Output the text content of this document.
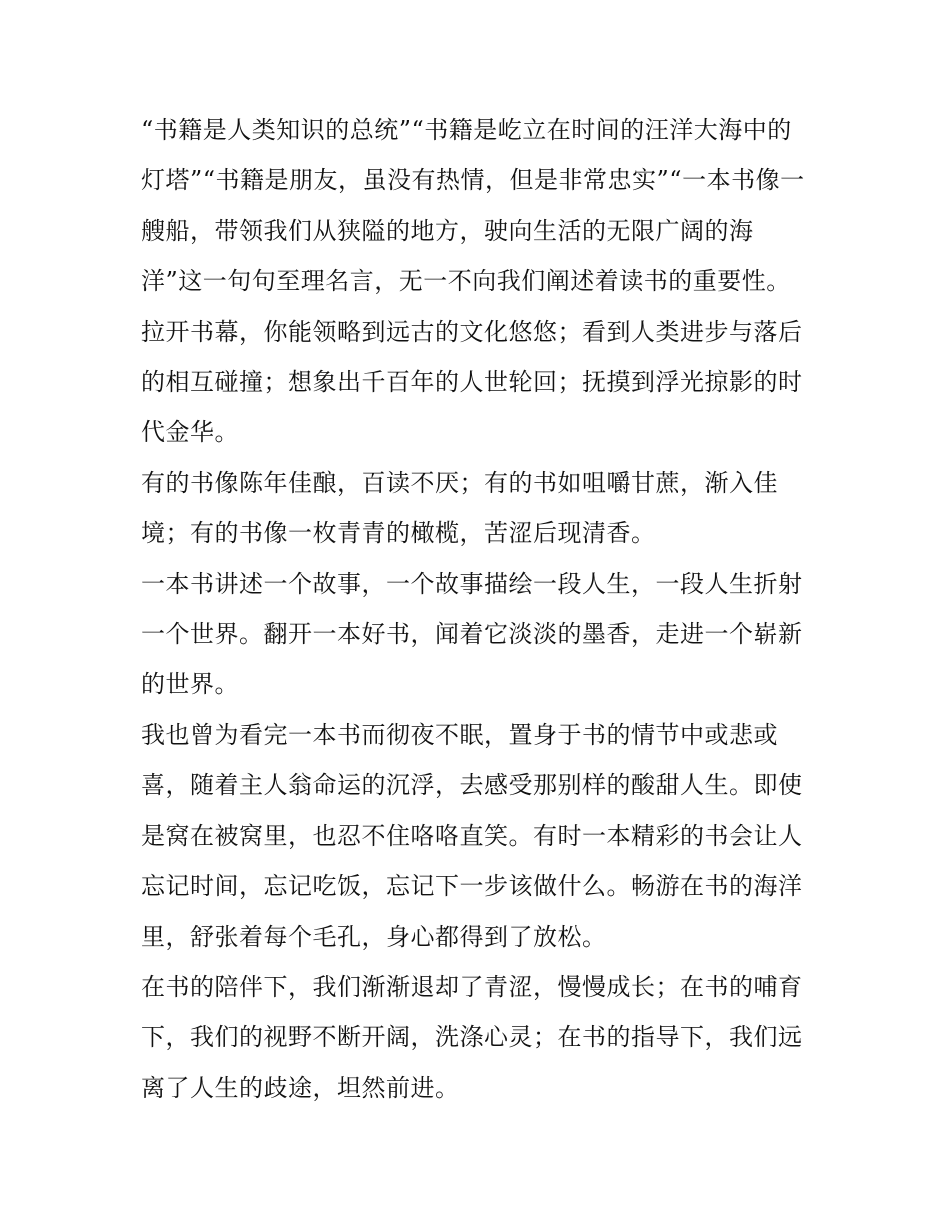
“书籍是人类知识的总统”“书籍是屹立在时间的汪洋大海中的灯塔”“书籍是朋友，虽没有热情，但是非常忠实”“一本书像一艘船，带领我们从狭隘的地方，驶向生活的无限广阔的海洋”这一句句至理名言，无一不向我们阐述着读书的重要性。

拉开书幕，你能领略到远古的文化悠悠；看到人类进步与落后的相互碰撞；想象出千百年的人世轮回；抚摸到浮光掠影的时代金华。

有的书像陈年佳酿，百读不厌；有的书如咀嚼甘蔗，渐入佳境；有的书像一枚青青的橄榄，苦涩后现清香。

一本书讲述一个故事，一个故事描绘一段人生，一段人生折射一个世界。翻开一本好书，闻着它淡淡的墨香，走进一个崭新的世界。

我也曾为看完一本书而彻夜不眠，置身于书的情节中或悲或喜，随着主人翁命运的沉浮，去感受那别样的酸甜人生。即使是窝在被窝里，也忍不住咯咯直笑。有时一本精彩的书会让人忘记时间，忘记吃饭，忘记下一步该做什么。畅游在书的海洋里，舒张着每个毛孔，身心都得到了放松。

在书的陪伴下，我们渐渐退却了青涩，慢慢成长；在书的哺育下，我们的视野不断开阔，洗涤心灵；在书的指导下，我们远离了人生的歧途，坦然前进。
